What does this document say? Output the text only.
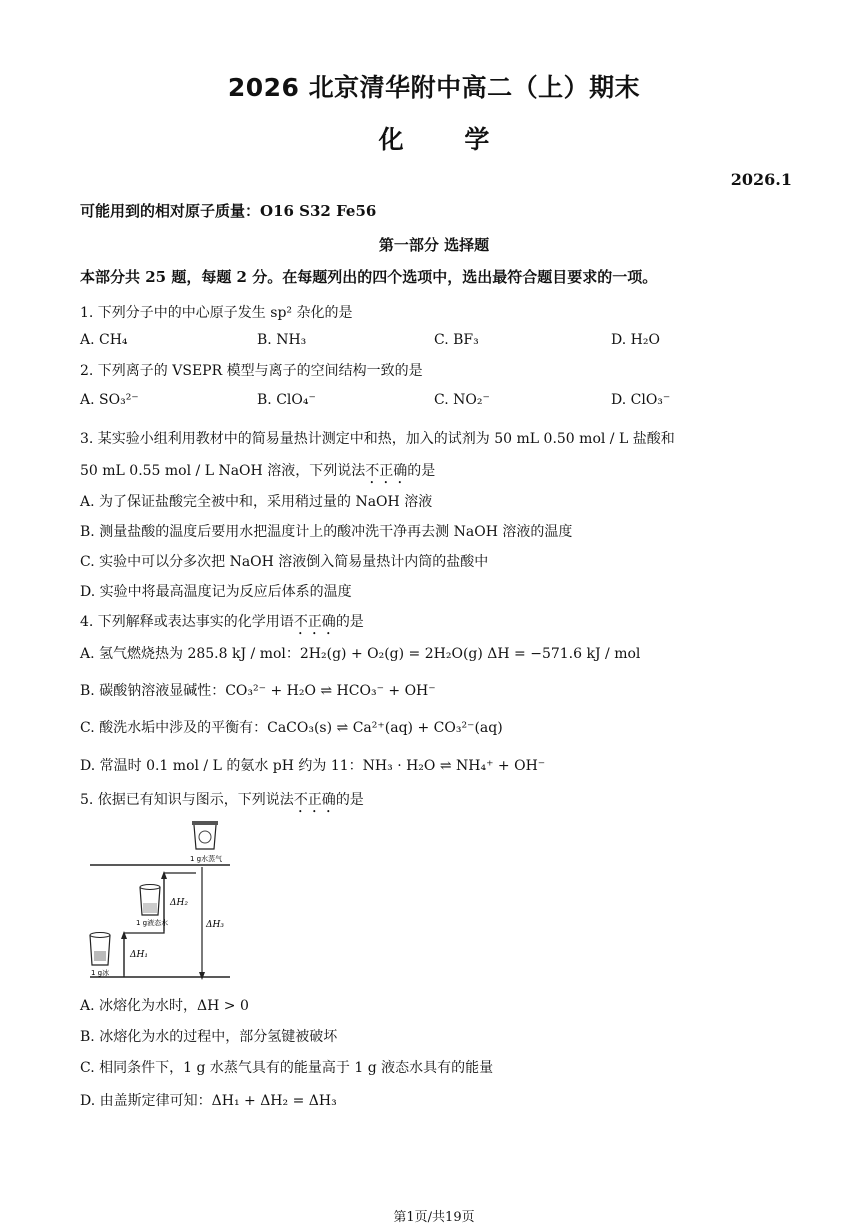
2026 北京清华附中高二（上）期末
化 学
2026.1
可能用到的相对原子质量：O16 S32 Fe56
第一部分 选择题
本部分共 25 题，每题 2 分。在每题列出的四个选项中，选出最符合题目要求的一项。
1. 下列分子中的中心原子发生 sp² 杂化的是
A. CH₄	B. NH₃	C. BF₃	D. H₂O
2. 下列离子的 VSEPR 模型与离子的空间结构一致的是
A. SO₃²⁻	B. ClO₄⁻	C. NO₂⁻	D. ClO₃⁻
3. 某实验小组利用教材中的简易量热计测定中和热，加入的试剂为 50 mL 0.50 mol / L 盐酸和
50 mL 0.55 mol / L NaOH 溶液，下列说法不正确的是
A. 为了保证盐酸完全被中和，采用稍过量的 NaOH 溶液
B. 测量盐酸的温度后要用水把温度计上的酸冲洗干净再去测 NaOH 溶液的温度
C. 实验中可以分多次把 NaOH 溶液倒入简易量热计内筒的盐酸中
D. 实验中将最高温度记为反应后体系的温度
4. 下列解释或表达事实的化学用语不正确的是
A. 氢气燃烧热为 285.8 kJ / mol：2H₂(g) + O₂(g) = 2H₂O(g) ΔH = −571.6 kJ / mol
B. 碳酸钠溶液显碱性：CO₃²⁻ + H₂O ⇌ HCO₃⁻ + OH⁻
C. 酸洗水垢中涉及的平衡有：CaCO₃(s) ⇌ Ca²⁺(aq) + CO₃²⁻(aq)
D. 常温时 0.1 mol / L 的氨水 pH 约为 11：NH₃ · H₂O ⇌ NH₄⁺ + OH⁻
5. 依据已有知识与图示，下列说法不正确的是
1 g冰
1 g液态水
1 g水蒸气
ΔH₁
ΔH₂
ΔH₃
A. 冰熔化为水时，ΔH > 0
B. 冰熔化为水的过程中，部分氢键被破坏
C. 相同条件下，1 g 水蒸气具有的能量高于 1 g 液态水具有的能量
D. 由盖斯定律可知：ΔH₁ + ΔH₂ = ΔH₃
第1页/共19页
